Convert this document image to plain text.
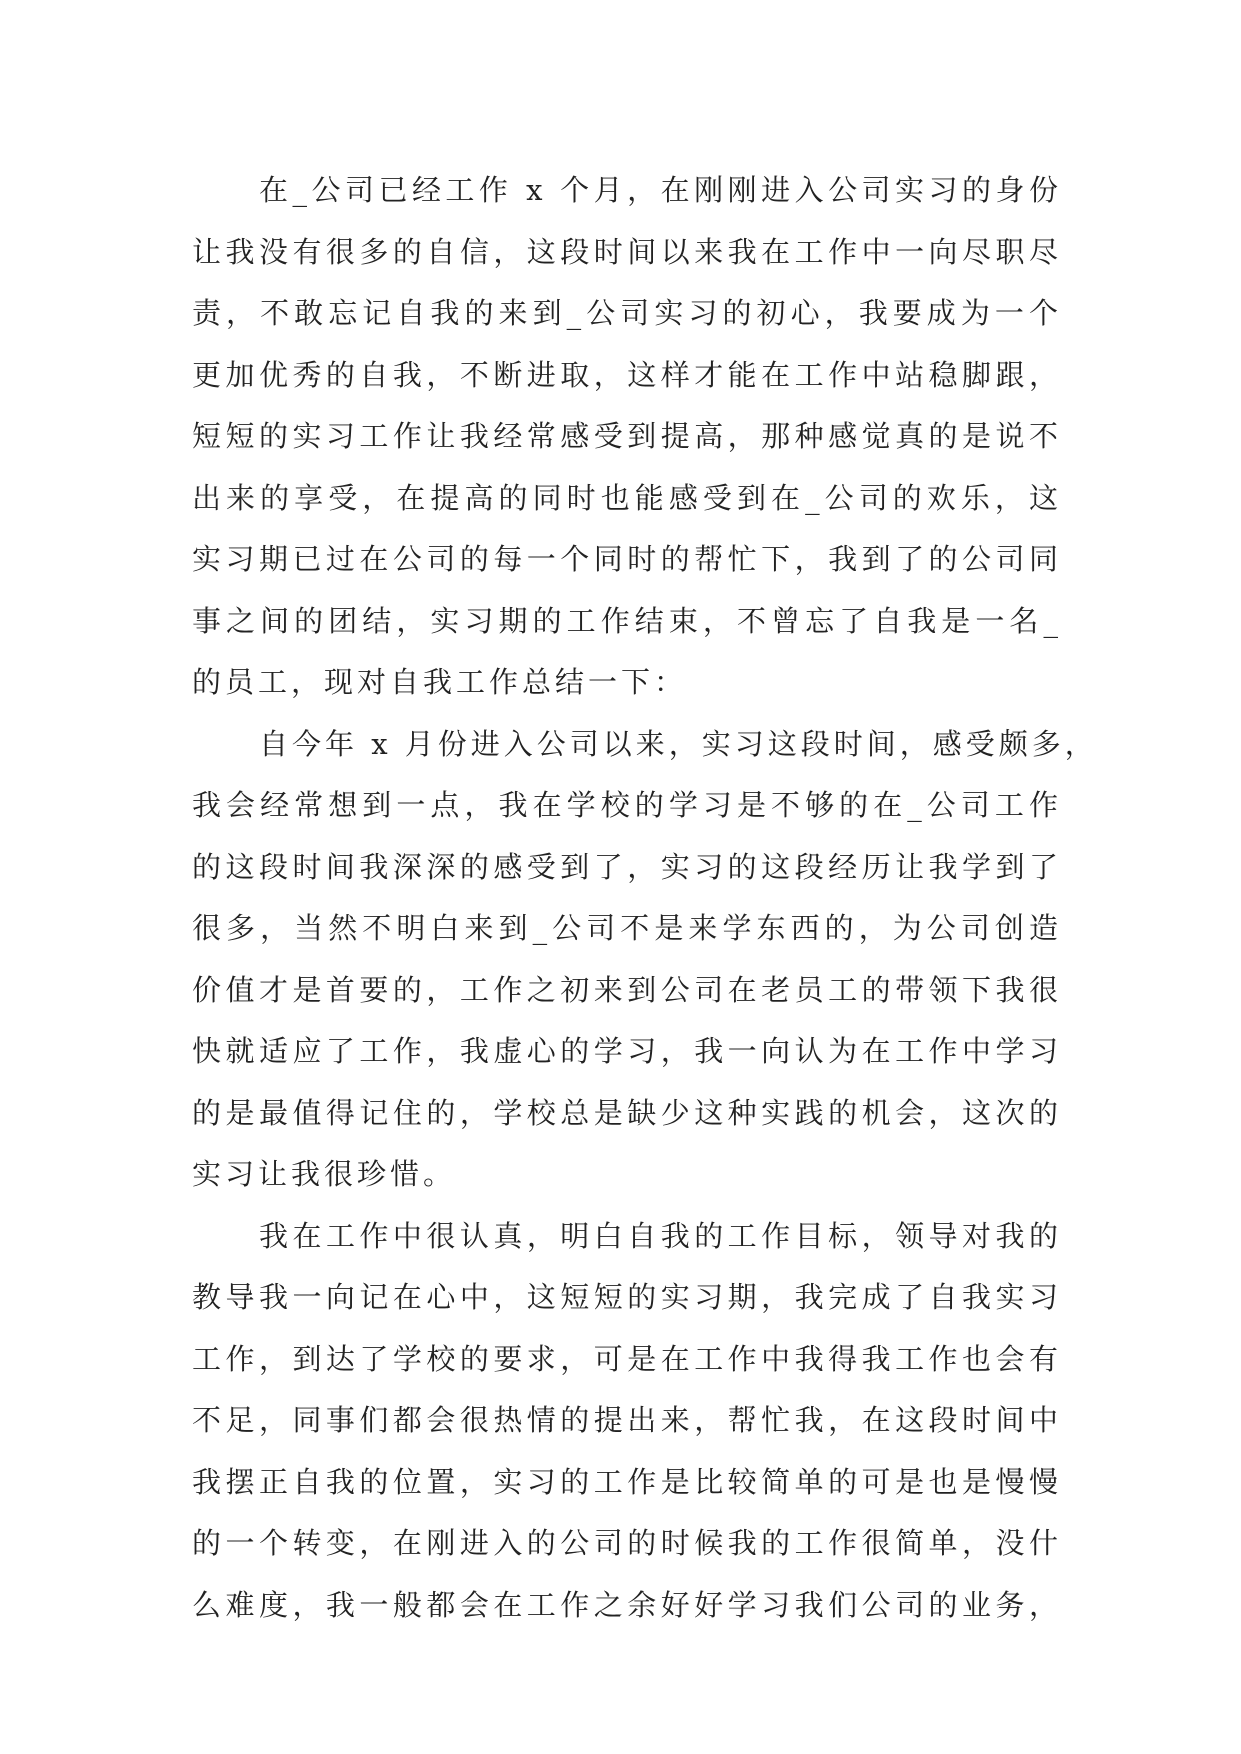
在_公司已经工作 x 个月，在刚刚进入公司实习的身份
让我没有很多的自信，这段时间以来我在工作中一向尽职尽
责，不敢忘记自我的来到_公司实习的初心，我要成为一个
更加优秀的自我，不断进取，这样才能在工作中站稳脚跟，
短短的实习工作让我经常感受到提高，那种感觉真的是说不
出来的享受，在提高的同时也能感受到在_公司的欢乐，这
实习期已过在公司的每一个同时的帮忙下，我到了的公司同
事之间的团结，实习期的工作结束，不曾忘了自我是一名_
的员工，现对自我工作总结一下：
自今年 x 月份进入公司以来，实习这段时间，感受颇多，
我会经常想到一点，我在学校的学习是不够的在_公司工作
的这段时间我深深的感受到了，实习的这段经历让我学到了
很多，当然不明白来到_公司不是来学东西的，为公司创造
价值才是首要的，工作之初来到公司在老员工的带领下我很
快就适应了工作，我虚心的学习，我一向认为在工作中学习
的是最值得记住的，学校总是缺少这种实践的机会，这次的
实习让我很珍惜。
我在工作中很认真，明白自我的工作目标，领导对我的
教导我一向记在心中，这短短的实习期，我完成了自我实习
工作，到达了学校的要求，可是在工作中我得我工作也会有
不足，同事们都会很热情的提出来，帮忙我，在这段时间中
我摆正自我的位置，实习的工作是比较简单的可是也是慢慢
的一个转变，在刚进入的公司的时候我的工作很简单，没什
么难度，我一般都会在工作之余好好学习我们公司的业务，
